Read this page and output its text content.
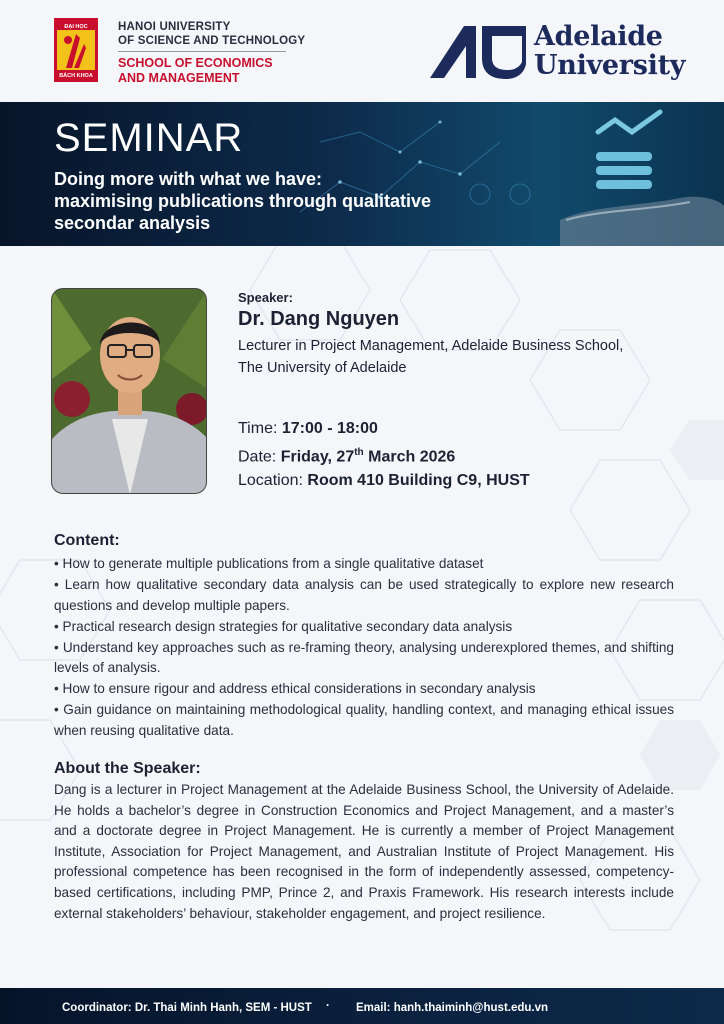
ĐẠI HỌC
BÁCH KHOA
HANOI UNIVERSITY
OF SCIENCE AND TECHNOLOGY
SCHOOL OF ECONOMICS
AND MANAGEMENT
Adelaide
University
SEMINAR
Doing more with what we have:
maximising publications through qualitative
secondar analysis
Speaker:
Dr. Dang Nguyen
Lecturer in Project Management, Adelaide Business School,
The University of Adelaide
Time: 17:00 - 18:00
Date: Friday, 27th March 2026
Location: Room 410 Building C9, HUST
Content:
• How to generate multiple publications from a single qualitative dataset
• Learn how qualitative secondary data analysis can be used strategically to explore new research questions and develop multiple papers.
• Practical research design strategies for qualitative secondary data analysis
• Understand key approaches such as re-framing theory, analysing underexplored themes, and shifting levels of analysis.
• How to ensure rigour and address ethical considerations in secondary analysis
• Gain guidance on maintaining methodological quality, handling context, and managing ethical issues when reusing qualitative data.
About the Speaker:

Dang is a lecturer in Project Management at the Adelaide Business School, the University of Adelaide. He holds a bachelor’s degree in Construction Economics and Project Management, and a master’s and a doctorate degree in Project Management. He is currently a member of Project Management Institute, Association for Project Management, and Australian Institute of Project Management. His professional competence has been recognised in the form of independently assessed, competency-based certifications, including PMP, Prince 2, and Praxis Framework. His research interests include external stakeholders’ behaviour, stakeholder engagement, and project resilience.

Coordinator: Dr. Thai Minh Hanh, SEM - HUST · Email: hanh.thaiminh@hust.edu.vn
